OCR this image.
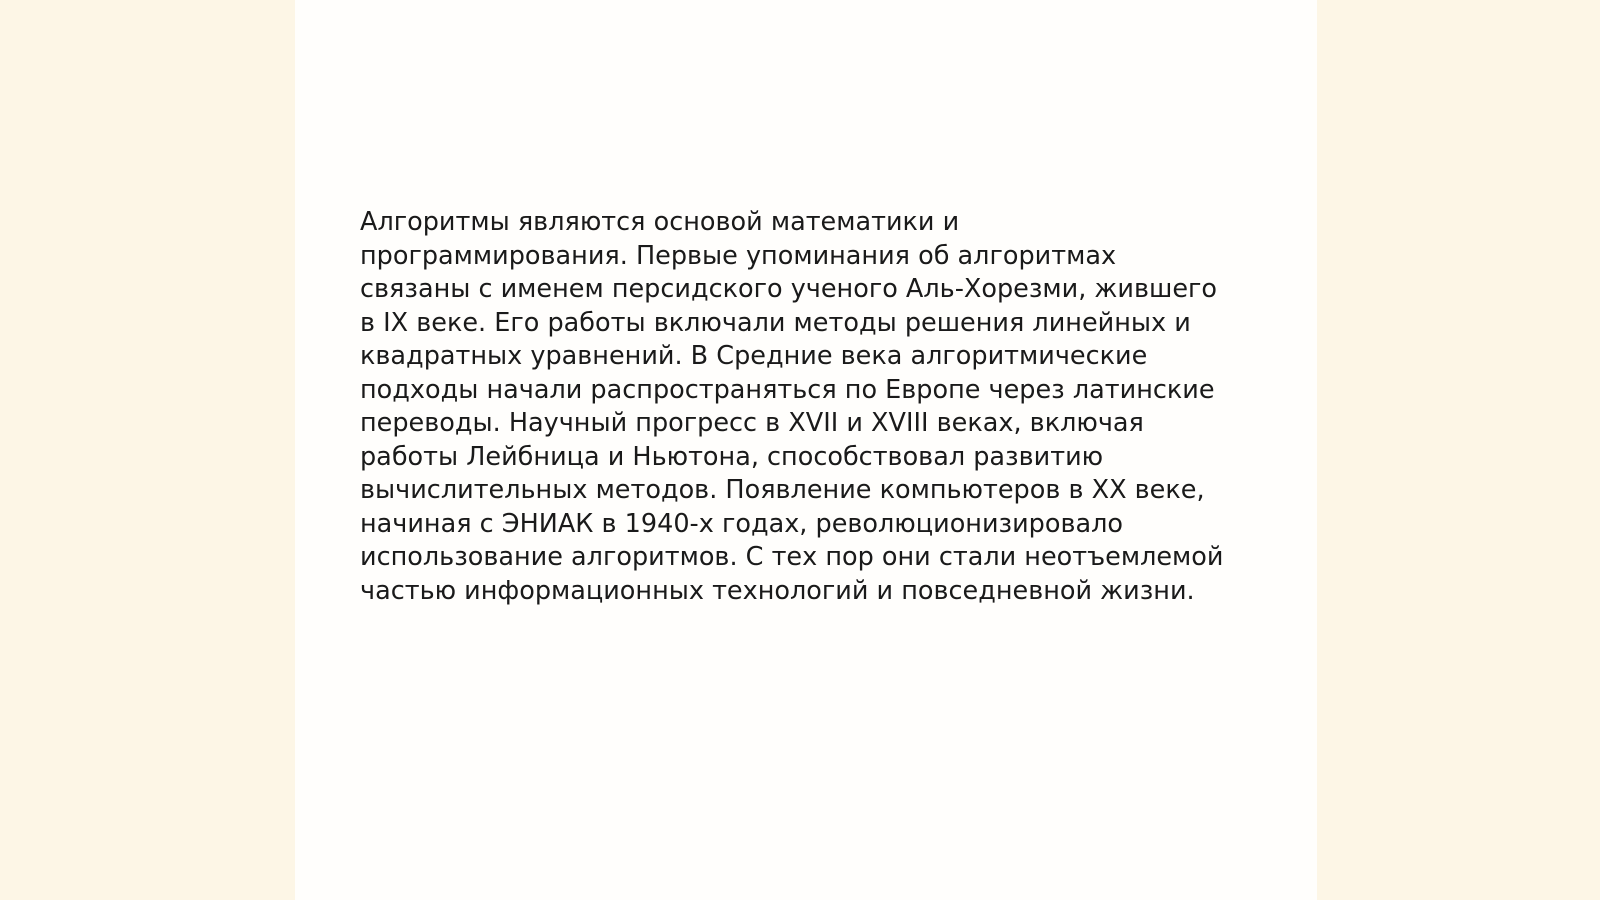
Алгоритмы являются основой математики и
программирования. Первые упоминания об алгоритмах
связаны с именем персидского ученого Аль-Хорезми, жившего
в IX веке. Его работы включали методы решения линейных и
квадратных уравнений. В Средние века алгоритмические
подходы начали распространяться по Европе через латинские
переводы. Научный прогресс в XVII и XVIII веках, включая
работы Лейбница и Ньютона, способствовал развитию
вычислительных методов. Появление компьютеров в XX веке,
начиная с ЭНИАК в 1940-х годах, революционизировало
использование алгоритмов. С тех пор они стали неотъемлемой
частью информационных технологий и повседневной жизни.
